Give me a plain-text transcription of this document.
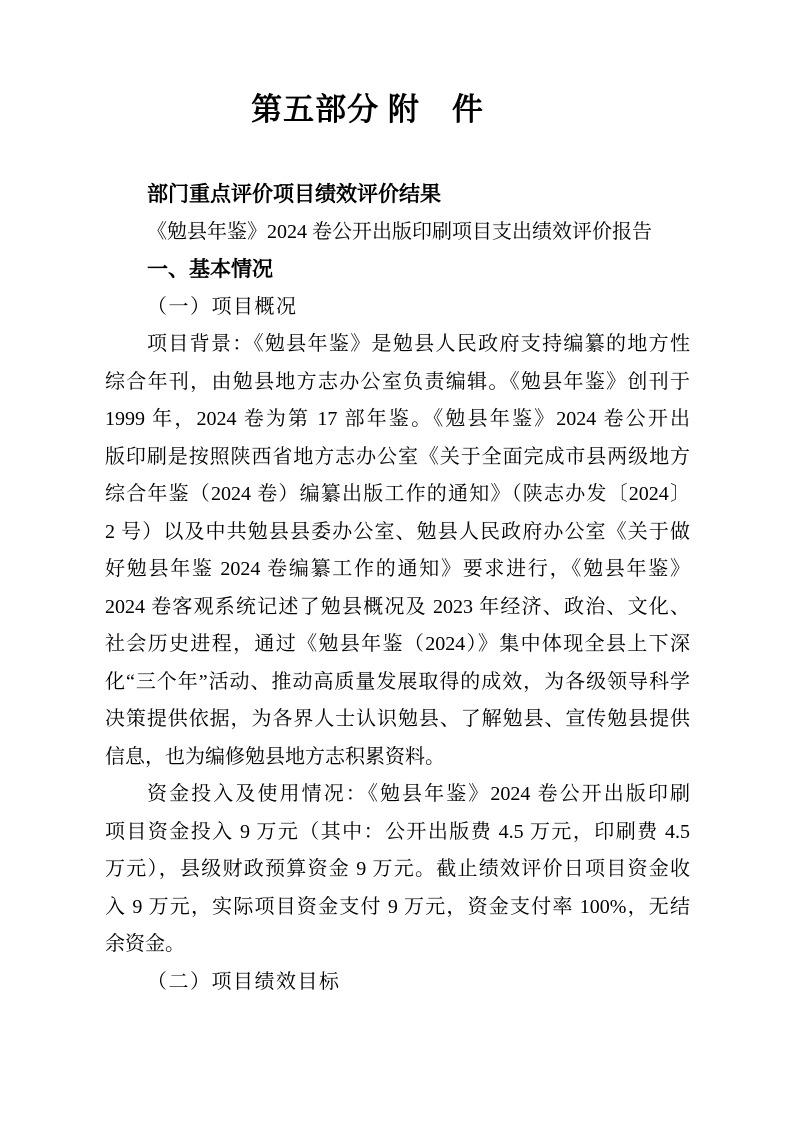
第五部分 附　件
部门重点评价项目绩效评价结果
《勉县年鉴》2024 卷公开出版印刷项目支出绩效评价报告
一、基本情况
（一）项目概况
项目背景：《勉县年鉴》是勉县人民政府支持编纂的地方性
综合年刊，由勉县地方志办公室负责编辑。《勉县年鉴》创刊于
1999 年，2024 卷为第 17 部年鉴。《勉县年鉴》2024 卷公开出
版印刷是按照陕西省地方志办公室《关于全面完成市县两级地方
综合年鉴（2024 卷）编纂出版工作的通知》（陕志办发〔2024〕
2 号）以及中共勉县县委办公室、勉县人民政府办公室《关于做
好勉县年鉴 2024 卷编纂工作的通知》要求进行，《勉县年鉴》
2024 卷客观系统记述了勉县概况及 2023 年经济、政治、文化、
社会历史进程，通过《勉县年鉴（2024）》集中体现全县上下深
化“三个年”活动、推动高质量发展取得的成效，为各级领导科学
决策提供依据，为各界人士认识勉县、了解勉县、宣传勉县提供
信息，也为编修勉县地方志积累资料。
资金投入及使用情况：《勉县年鉴》2024 卷公开出版印刷
项目资金投入 9 万元（其中：公开出版费 4.5 万元，印刷费 4.5
万元），县级财政预算资金 9 万元。截止绩效评价日项目资金收
入 9 万元，实际项目资金支付 9 万元，资金支付率 100%，无结
余资金。
（二）项目绩效目标
